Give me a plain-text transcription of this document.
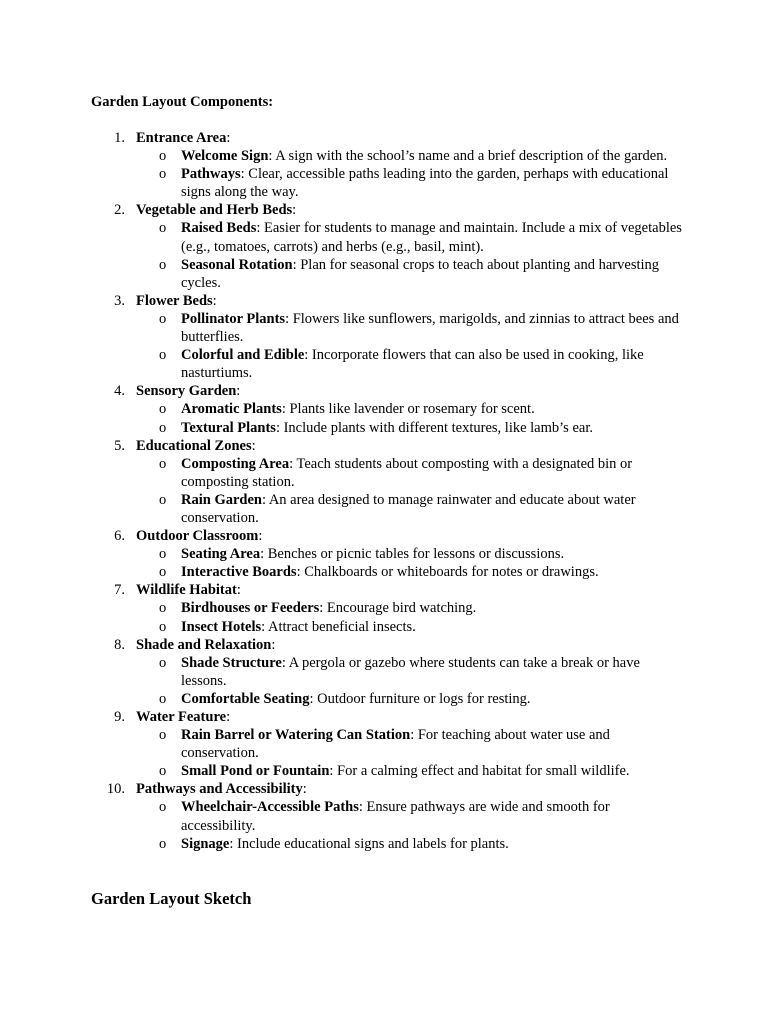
Garden Layout Components:
1. Entrance Area:
o Welcome Sign: A sign with the school’s name and a brief description of the garden.
o Pathways: Clear, accessible paths leading into the garden, perhaps with educational signs along the way.
2. Vegetable and Herb Beds:
o Raised Beds: Easier for students to manage and maintain. Include a mix of vegetables (e.g., tomatoes, carrots) and herbs (e.g., basil, mint).
o Seasonal Rotation: Plan for seasonal crops to teach about planting and harvesting cycles.
3. Flower Beds:
o Pollinator Plants: Flowers like sunflowers, marigolds, and zinnias to attract bees and butterflies.
o Colorful and Edible: Incorporate flowers that can also be used in cooking, like nasturtiums.
4. Sensory Garden:
o Aromatic Plants: Plants like lavender or rosemary for scent.
o Textural Plants: Include plants with different textures, like lamb’s ear.
5. Educational Zones:
o Composting Area: Teach students about composting with a designated bin or composting station.
o Rain Garden: An area designed to manage rainwater and educate about water conservation.
6. Outdoor Classroom:
o Seating Area: Benches or picnic tables for lessons or discussions.
o Interactive Boards: Chalkboards or whiteboards for notes or drawings.
7. Wildlife Habitat:
o Birdhouses or Feeders: Encourage bird watching.
o Insect Hotels: Attract beneficial insects.
8. Shade and Relaxation:
o Shade Structure: A pergola or gazebo where students can take a break or have lessons.
o Comfortable Seating: Outdoor furniture or logs for resting.
9. Water Feature:
o Rain Barrel or Watering Can Station: For teaching about water use and conservation.
o Small Pond or Fountain: For a calming effect and habitat for small wildlife.
10. Pathways and Accessibility:
o Wheelchair-Accessible Paths: Ensure pathways are wide and smooth for accessibility.
o Signage: Include educational signs and labels for plants.
Garden Layout Sketch
